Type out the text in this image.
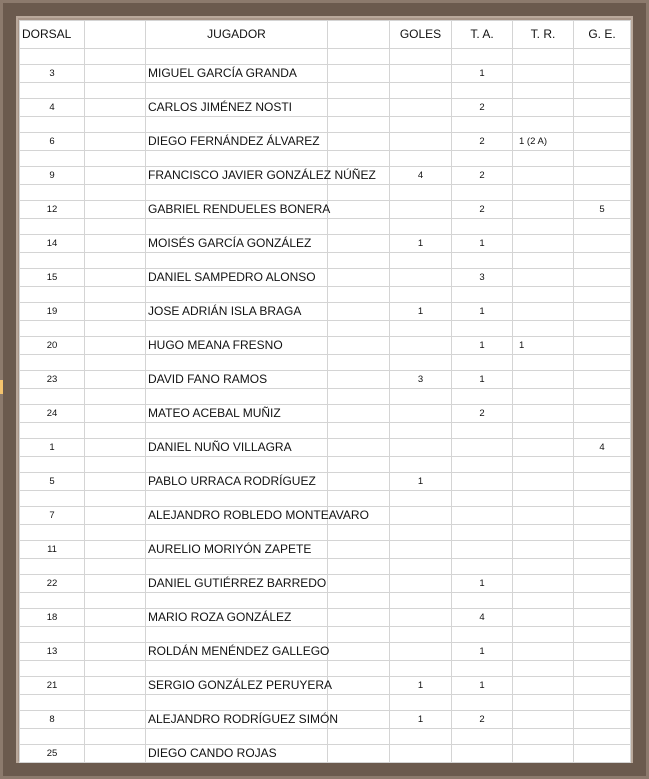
DORSAL		JUGADOR		GOLES	T. A.	T. R.	G. E.

3		MIGUEL GARCÍA GRANDA			1		

4		CARLOS JIMÉNEZ NOSTI			2		

6		DIEGO FERNÁNDEZ ÁLVAREZ			2	1 (2 A)	

9		FRANCISCO JAVIER GONZÁLEZ NÚÑEZ		4	2		

12		GABRIEL RENDUELES BONERA			2		5

14		MOISÉS GARCÍA GONZÁLEZ		1	1		

15		DANIEL SAMPEDRO ALONSO			3		

19		JOSE ADRIÁN ISLA BRAGA		1	1		

20		HUGO MEANA FRESNO			1	1	

23		DAVID FANO RAMOS		3	1		

24		MATEO ACEBAL MUÑIZ			2		

1		DANIEL NUÑO VILLAGRA					4

5		PABLO URRACA RODRÍGUEZ		1			

7		ALEJANDRO ROBLEDO MONTEAVARO					

11		AURELIO MORIYÓN ZAPETE					

22		DANIEL GUTIÉRREZ BARREDO			1		

18		MARIO ROZA GONZÁLEZ			4		

13		ROLDÁN MENÉNDEZ GALLEGO			1		

21		SERGIO GONZÁLEZ PERUYERA		1	1		

8		ALEJANDRO RODRÍGUEZ SIMÓN		1	2		

25		DIEGO CANDO ROJAS					
